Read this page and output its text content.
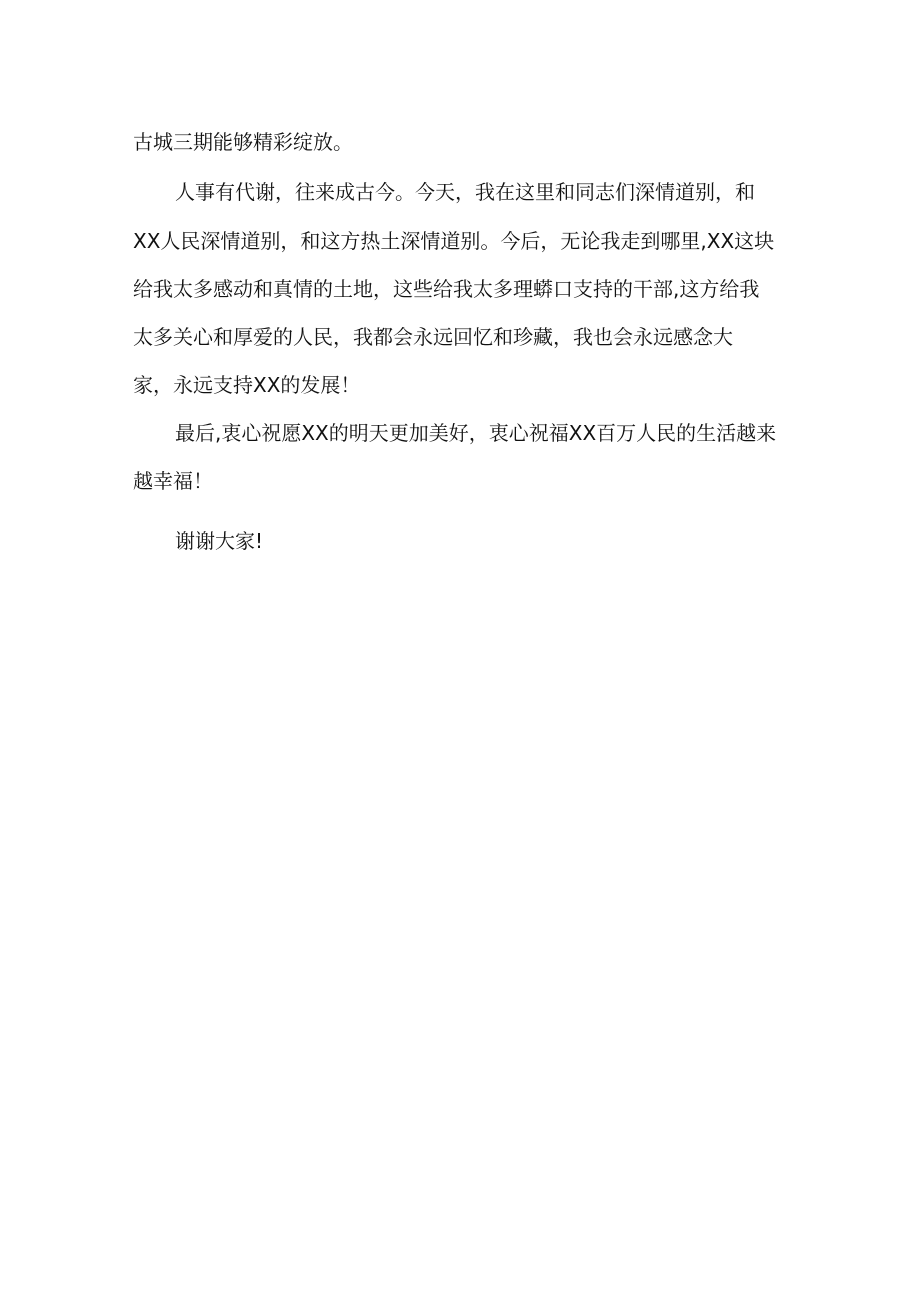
古城三期能够精彩绽放。
人事有代谢，往来成古今。今天，我在这里和同志们深情道别，和
XX人民深情道别，和这方热土深情道别。今后，无论我走到哪里,XX这块
给我太多感动和真情的土地，这些给我太多理蟒口支持的干部,这方给我
太多关心和厚爱的人民，我都会永远回忆和珍藏，我也会永远感念大
家，永远支持XX的发展！
最后,衷心祝愿XX的明天更加美好，衷心祝福XX百万人民的生活越来
越幸福！
谢谢大家!
